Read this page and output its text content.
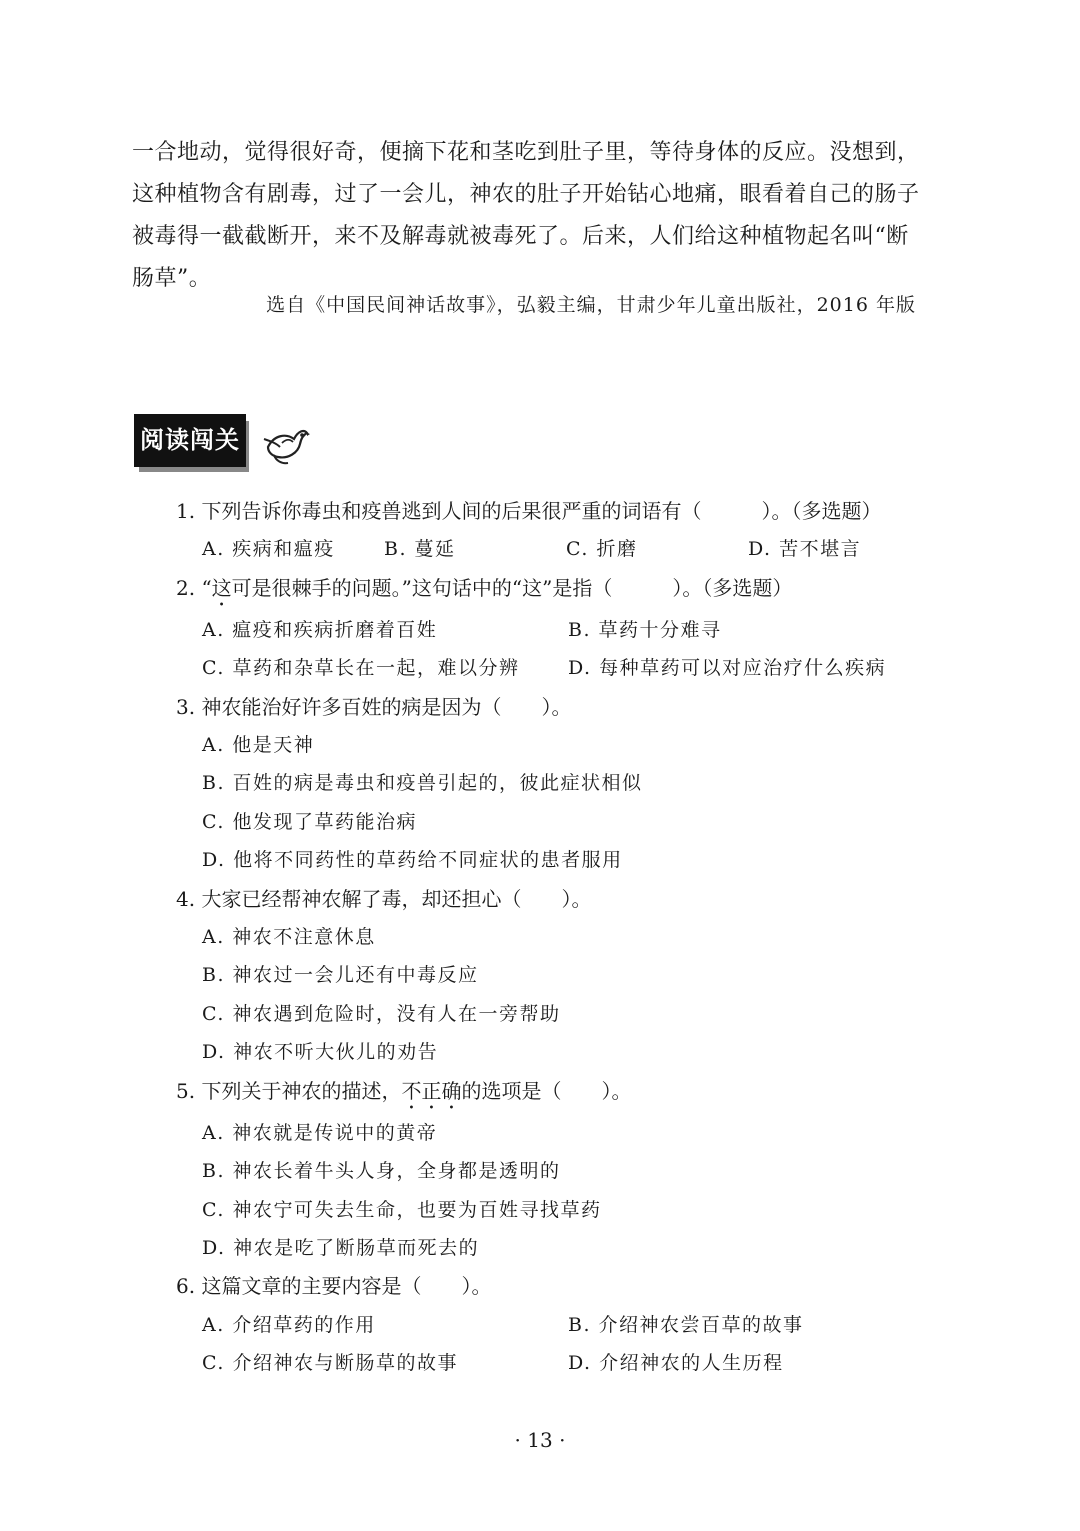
一合地动，觉得很好奇，便摘下花和茎吃到肚子里，等待身体的反应。没想到，这种植物含有剧毒，过了一会儿，神农的肚子开始钻心地痛，眼看着自己的肠子被毒得一截截断开，来不及解毒就被毒死了。后来，人们给这种植物起名叫“断肠草”。

选自《中国民间神话故事》，弘毅主编，甘肃少年儿童出版社，2016 年版

阅读闯关

1. 下列告诉你毒虫和疫兽逃到人间的后果很严重的词语有（　　　）。（多选题）

A. 疾病和瘟疫	B. 蔓延	C. 折磨	D. 苦不堪言

2. “这可是很棘手的问题。”这句话中的“这”是指（　　　）。（多选题）

A. 瘟疫和疾病折磨着百姓	B. 草药十分难寻
C. 草药和杂草长在一起，难以分辨	D. 每种草药可以对应治疗什么疾病

3. 神农能治好许多百姓的病是因为（　　）。

A. 他是天神
B. 百姓的病是毒虫和疫兽引起的，彼此症状相似
C. 他发现了草药能治病
D. 他将不同药性的草药给不同症状的患者服用

4. 大家已经帮神农解了毒，却还担心（　　）。

A. 神农不注意休息
B. 神农过一会儿还有中毒反应
C. 神农遇到危险时，没有人在一旁帮助
D. 神农不听大伙儿的劝告

5. 下列关于神农的描述，不正确的选项是（　　）。

A. 神农就是传说中的黄帝
B. 神农长着牛头人身，全身都是透明的
C. 神农宁可失去生命，也要为百姓寻找草药
D. 神农是吃了断肠草而死去的

6. 这篇文章的主要内容是（　　）。

A. 介绍草药的作用	B. 介绍神农尝百草的故事
C. 介绍神农与断肠草的故事	D. 介绍神农的人生历程
· 13 ·
